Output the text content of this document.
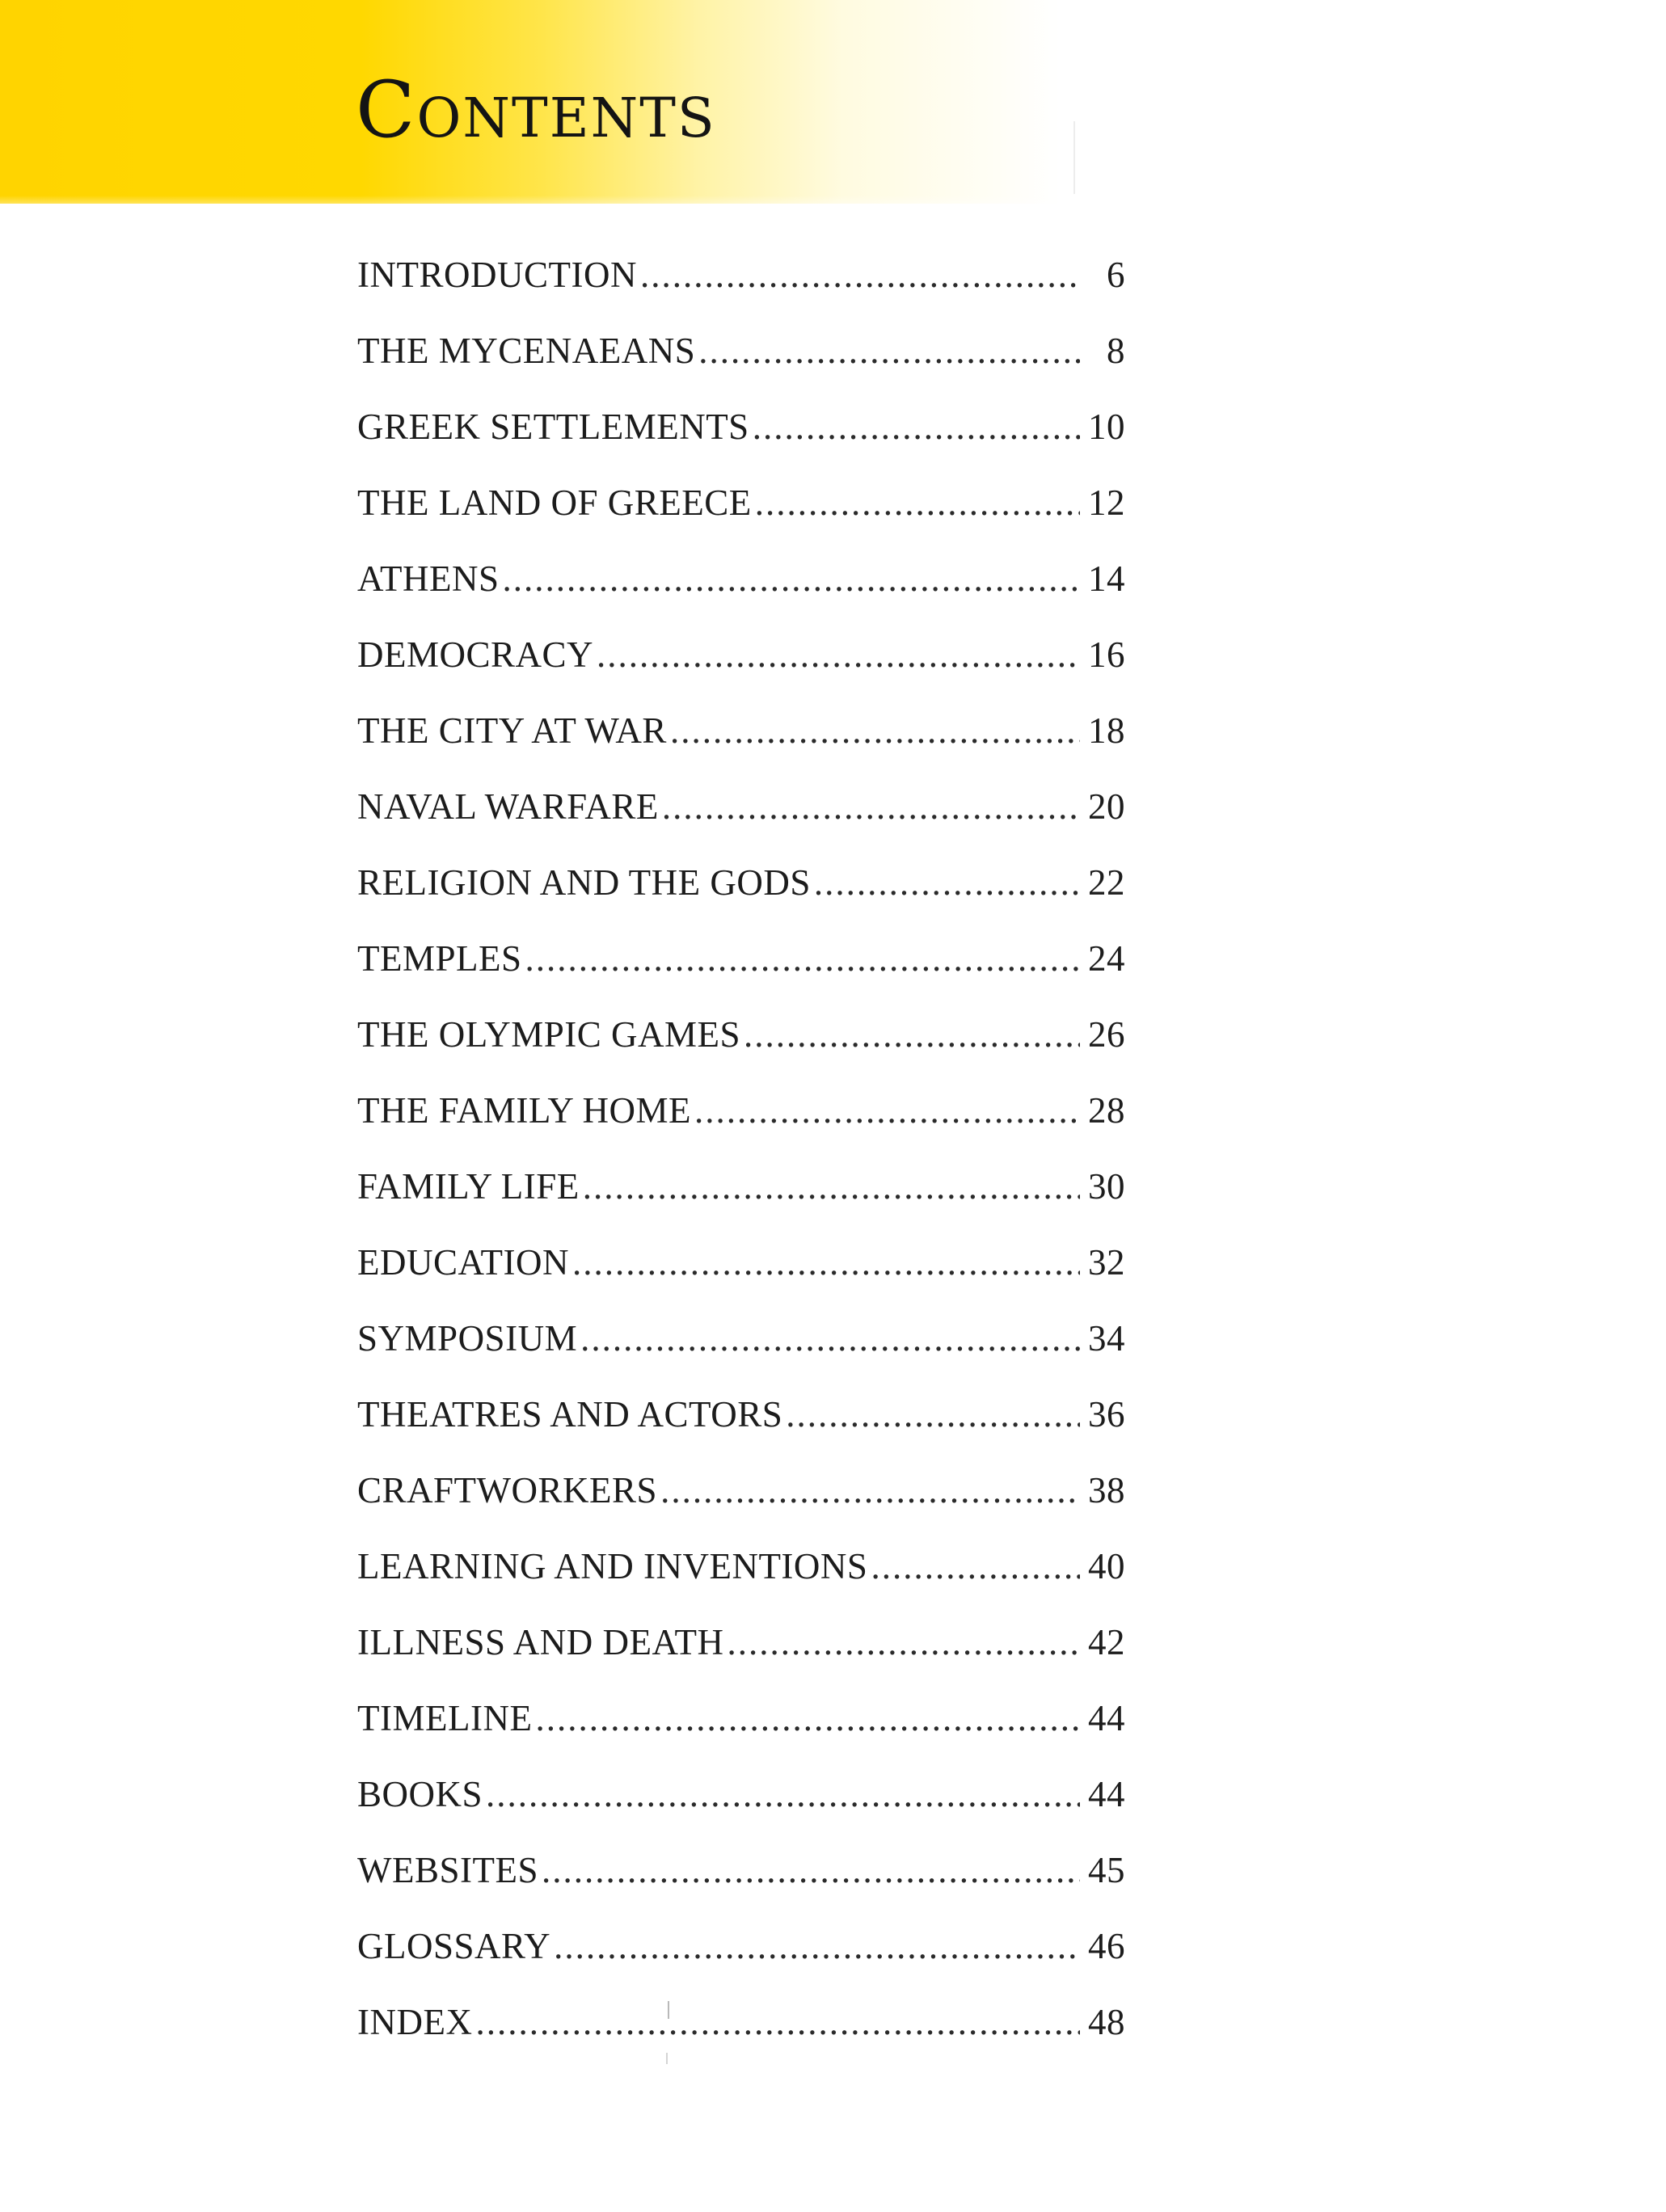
Contents
INTRODUCTION .....	6
THE MYCENAEANS .....	8
GREEK SETTLEMENTS .....	10
THE LAND OF GREECE .....	12
ATHENS .....	14
DEMOCRACY .....	16
THE CITY AT WAR .....	18
NAVAL WARFARE .....	20
RELIGION AND THE GODS .....	22
TEMPLES .....	24
THE OLYMPIC GAMES .....	26
THE FAMILY HOME .....	28
FAMILY LIFE .....	30
EDUCATION .....	32
SYMPOSIUM .....	34
THEATRES AND ACTORS .....	36
CRAFTWORKERS .....	38
LEARNING AND INVENTIONS .....	40
ILLNESS AND DEATH .....	42
TIMELINE .....	44
BOOKS .....	44
WEBSITES .....	45
GLOSSARY .....	46
INDEX .....	48
